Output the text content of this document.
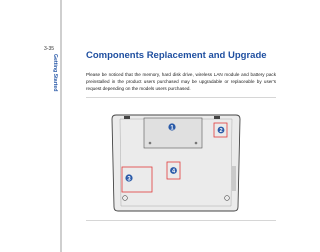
3-35
Getting Started	Components Replacement and Upgrade
Please be noticed that the memory, hard disk drive, wireless LAN module and battery pack preinstalled in the product users purchased may be upgradable or replaceable by user's request depending on the models users purchased.
1	2
4
3
